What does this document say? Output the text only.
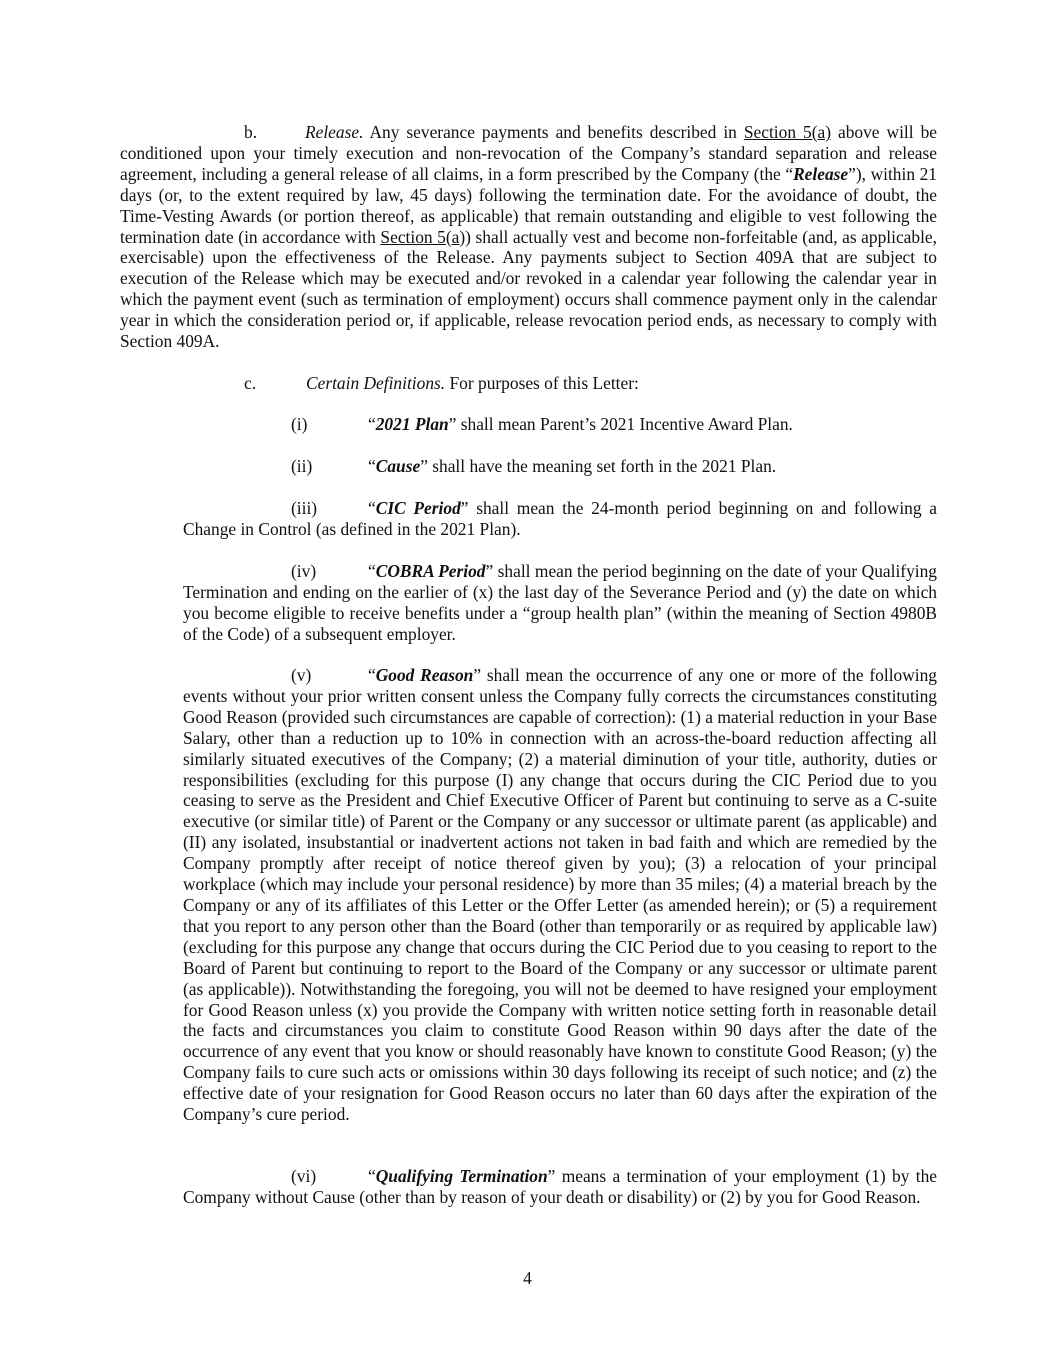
b.	Release. Any severance payments and benefits described in Section 5(a) above will be conditioned upon your timely execution and non-revocation of the Company’s standard separation and release agreement, including a general release of all claims, in a form prescribed by the Company (the “Release”), within 21 days (or, to the extent required by law, 45 days) following the termination date. For the avoidance of doubt, the Time-Vesting Awards (or portion thereof, as applicable) that remain outstanding and eligible to vest following the termination date (in accordance with Section 5(a)) shall actually vest and become non-forfeitable (and, as applicable, exercisable) upon the effectiveness of the Release. Any payments subject to Section 409A that are subject to execution of the Release which may be executed and/or revoked in a calendar year following the calendar year in which the payment event (such as termination of employment) occurs shall commence payment only in the calendar year in which the consideration period or, if applicable, release revocation period ends, as necessary to comply with Section 409A.

c.	Certain Definitions. For purposes of this Letter:

(i)	“2021 Plan” shall mean Parent’s 2021 Incentive Award Plan.

(ii)	“Cause” shall have the meaning set forth in the 2021 Plan.

(iii)	“CIC Period” shall mean the 24-month period beginning on and following a Change in Control (as defined in the 2021 Plan).

(iv)	“COBRA Period” shall mean the period beginning on the date of your Qualifying Termination and ending on the earlier of (x) the last day of the Severance Period and (y) the date on which you become eligible to receive benefits under a “group health plan” (within the meaning of Section 4980B of the Code) of a subsequent employer.

(v)	“Good Reason” shall mean the occurrence of any one or more of the following events without your prior written consent unless the Company fully corrects the circumstances constituting Good Reason (provided such circumstances are capable of correction): (1) a material reduction in your Base Salary, other than a reduction up to 10% in connection with an across-the-board reduction affecting all similarly situated executives of the Company; (2) a material diminution of your title, authority, duties or responsibilities (excluding for this purpose (I) any change that occurs during the CIC Period due to you ceasing to serve as the President and Chief Executive Officer of Parent but continuing to serve as a C-suite executive (or similar title) of Parent or the Company or any successor or ultimate parent (as applicable) and (II) any isolated, insubstantial or inadvertent actions not taken in bad faith and which are remedied by the Company promptly after receipt of notice thereof given by you); (3) a relocation of your principal workplace (which may include your personal residence) by more than 35 miles; (4) a material breach by the Company or any of its affiliates of this Letter or the Offer Letter (as amended herein); or (5) a requirement that you report to any person other than the Board (other than temporarily or as required by applicable law) (excluding for this purpose any change that occurs during the CIC Period due to you ceasing to report to the Board of Parent but continuing to report to the Board of the Company or any successor or ultimate parent (as applicable)). Notwithstanding the foregoing, you will not be deemed to have resigned your employment for Good Reason unless (x) you provide the Company with written notice setting forth in reasonable detail the facts and circumstances you claim to constitute Good Reason within 90 days after the date of the occurrence of any event that you know or should reasonably have known to constitute Good Reason; (y) the Company fails to cure such acts or omissions within 30 days following its receipt of such notice; and (z) the effective date of your resignation for Good Reason occurs no later than 60 days after the expiration of the Company’s cure period.

(vi)	“Qualifying Termination” means a termination of your employment (1) by the Company without Cause (other than by reason of your death or disability) or (2) by you for Good Reason.

4
